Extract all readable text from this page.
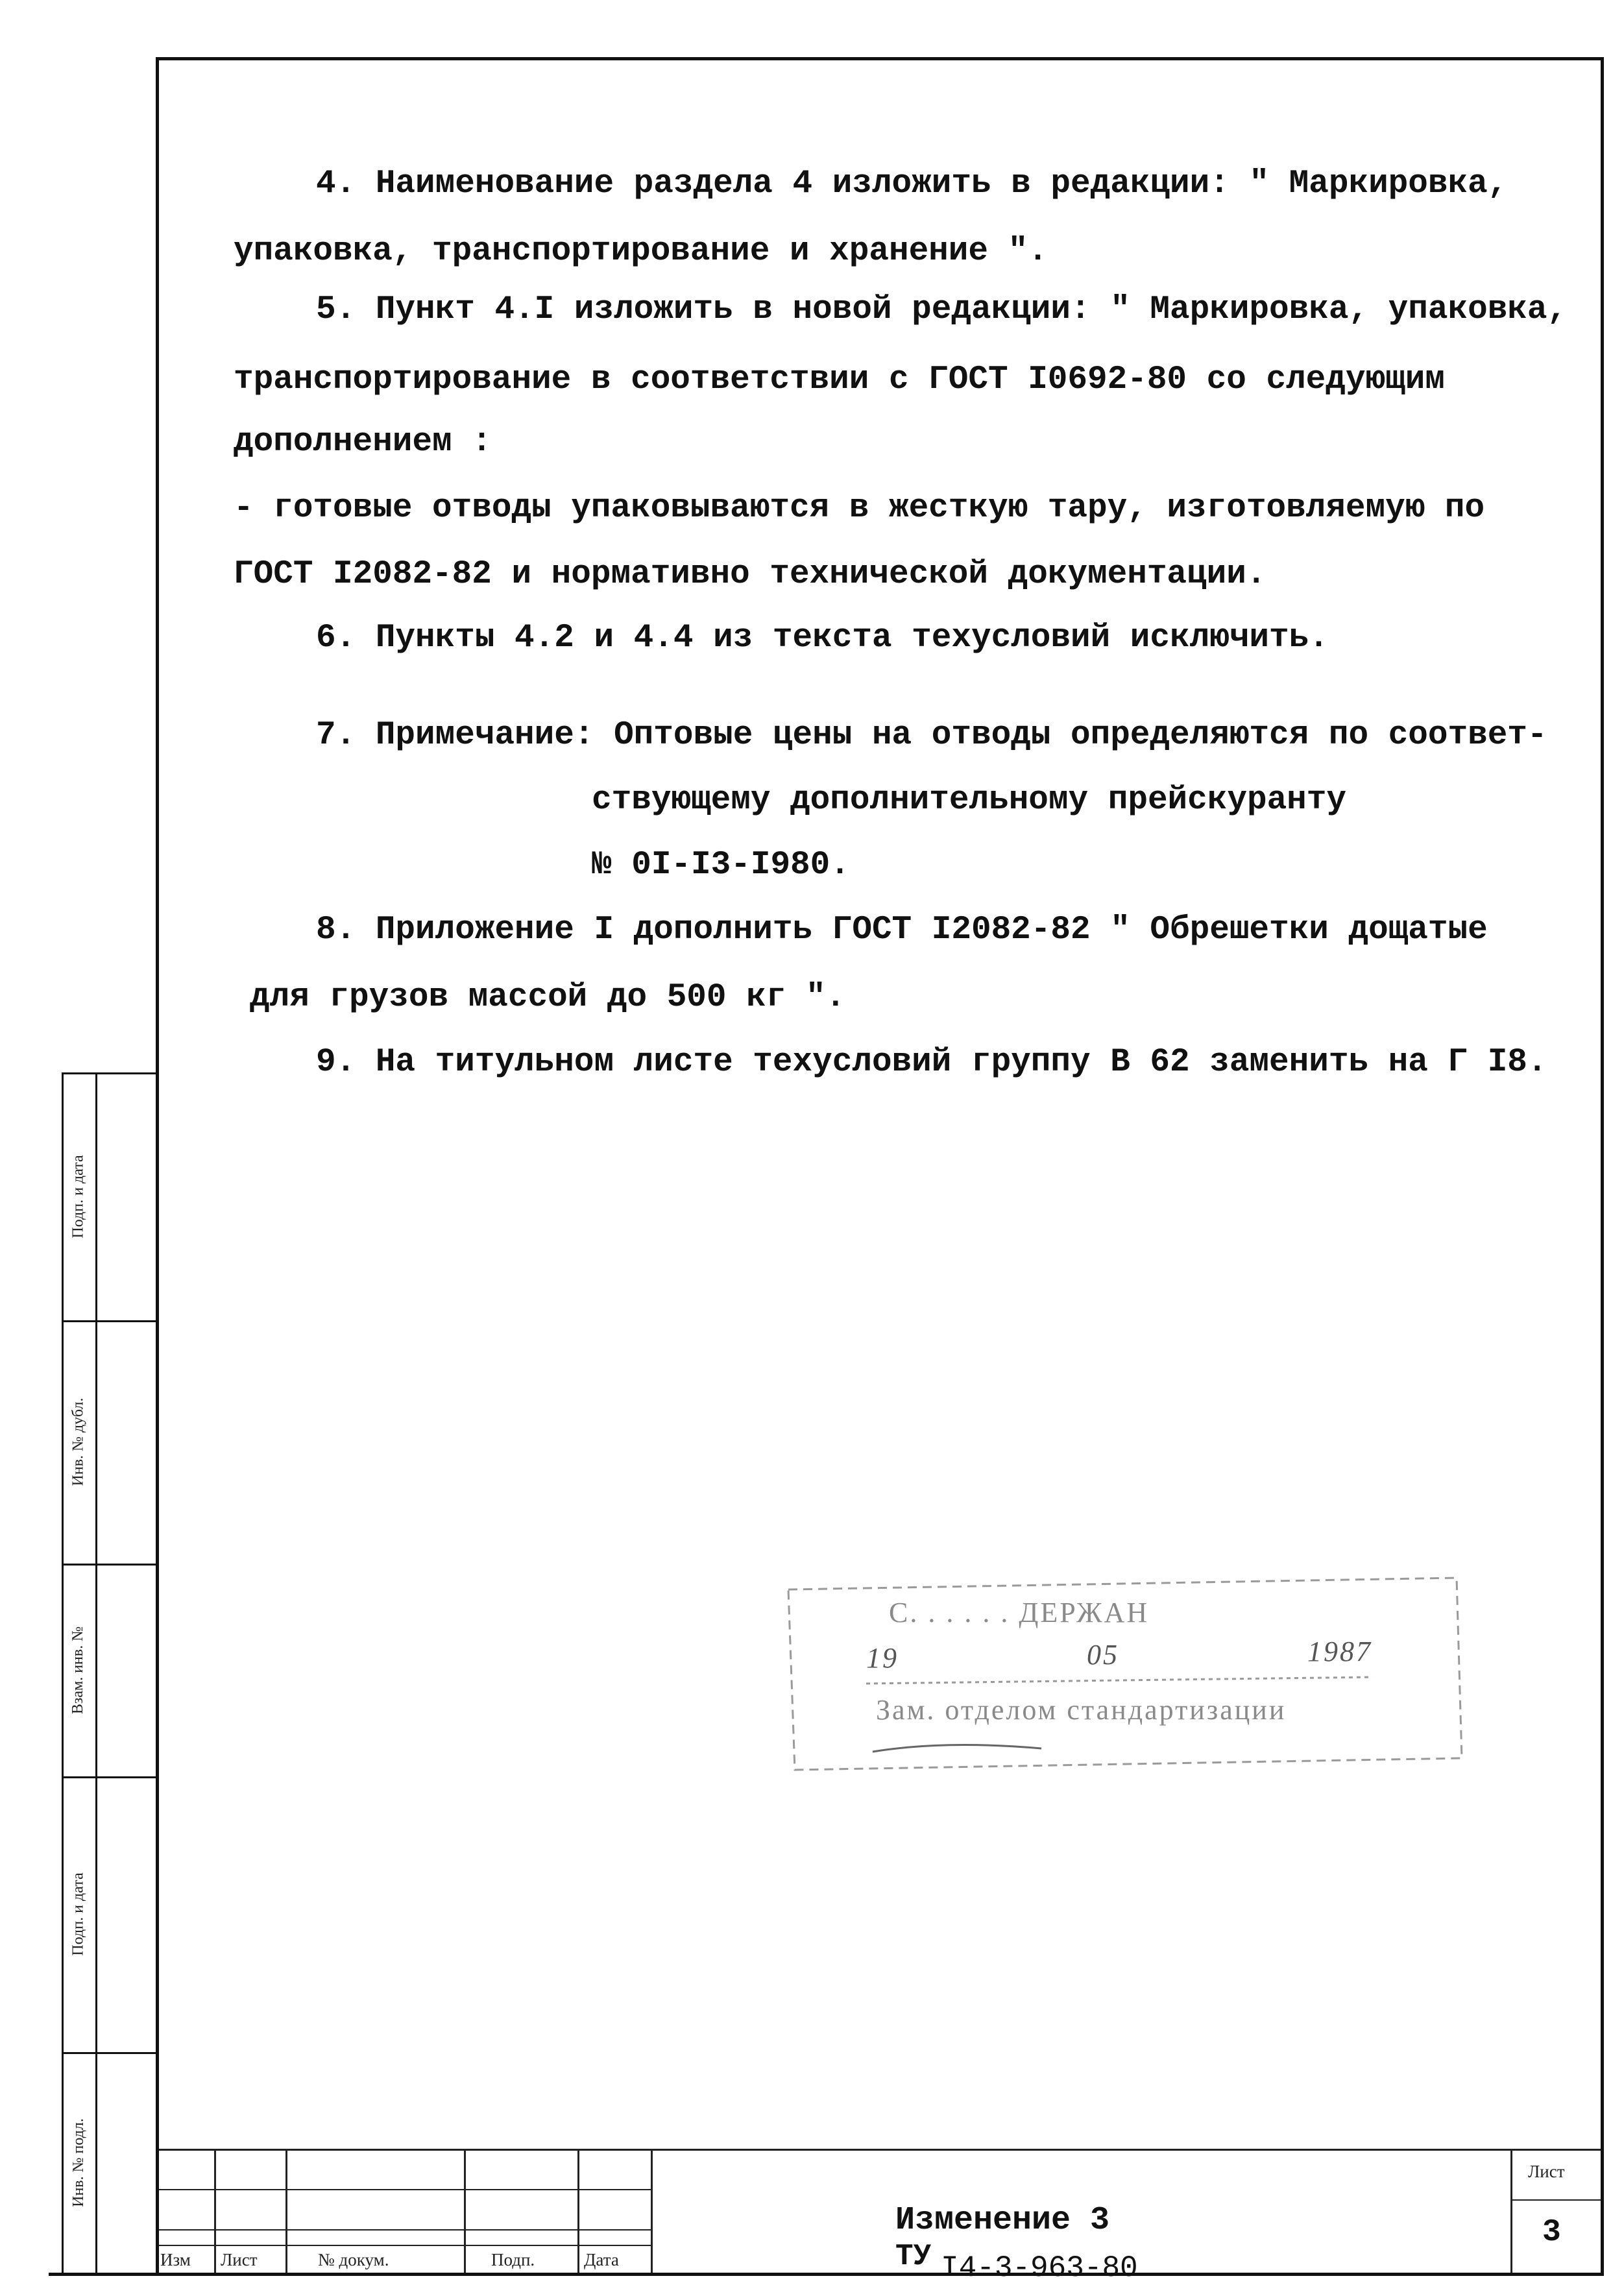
4. Наименование раздела 4 изложить в редакции: " Маркировка,
упаковка, транспортирование и хранение ".
5. Пункт 4.I изложить в новой редакции: " Маркировка, упаковка,
транспортирование в соответствии с ГОСТ I0692-80 со следующим
дополнением :
- готовые отводы упаковываются в жесткую тару, изготовляемую по
ГОСТ I2082-82 и нормативно технической документации.
6. Пункты 4.2 и 4.4 из текста техусловий исключить.
7. Примечание: Оптовые цены на отводы определяются по соответ-
ствующему дополнительному прейскуранту
№ 0I-I3-I980.
8. Приложение I дополнить ГОСТ I2082-82 " Обрешетки дощатые
для грузов массой до 500 кг ".
9. На титульном листе техусловий группу В 62 заменить на Г I8.
Подп. и дата
Инв. № дубл.
Взам. инв. №
Подп. и дата
Инв. № подл.
С. . . . . . ДЕРЖАН
19	05	1987
Зам. отделом стандартизации
Изм Лист	№ докум.	Подп.	Дата
Изменение 3
ТУ I4-3-963-80
Лист
3
